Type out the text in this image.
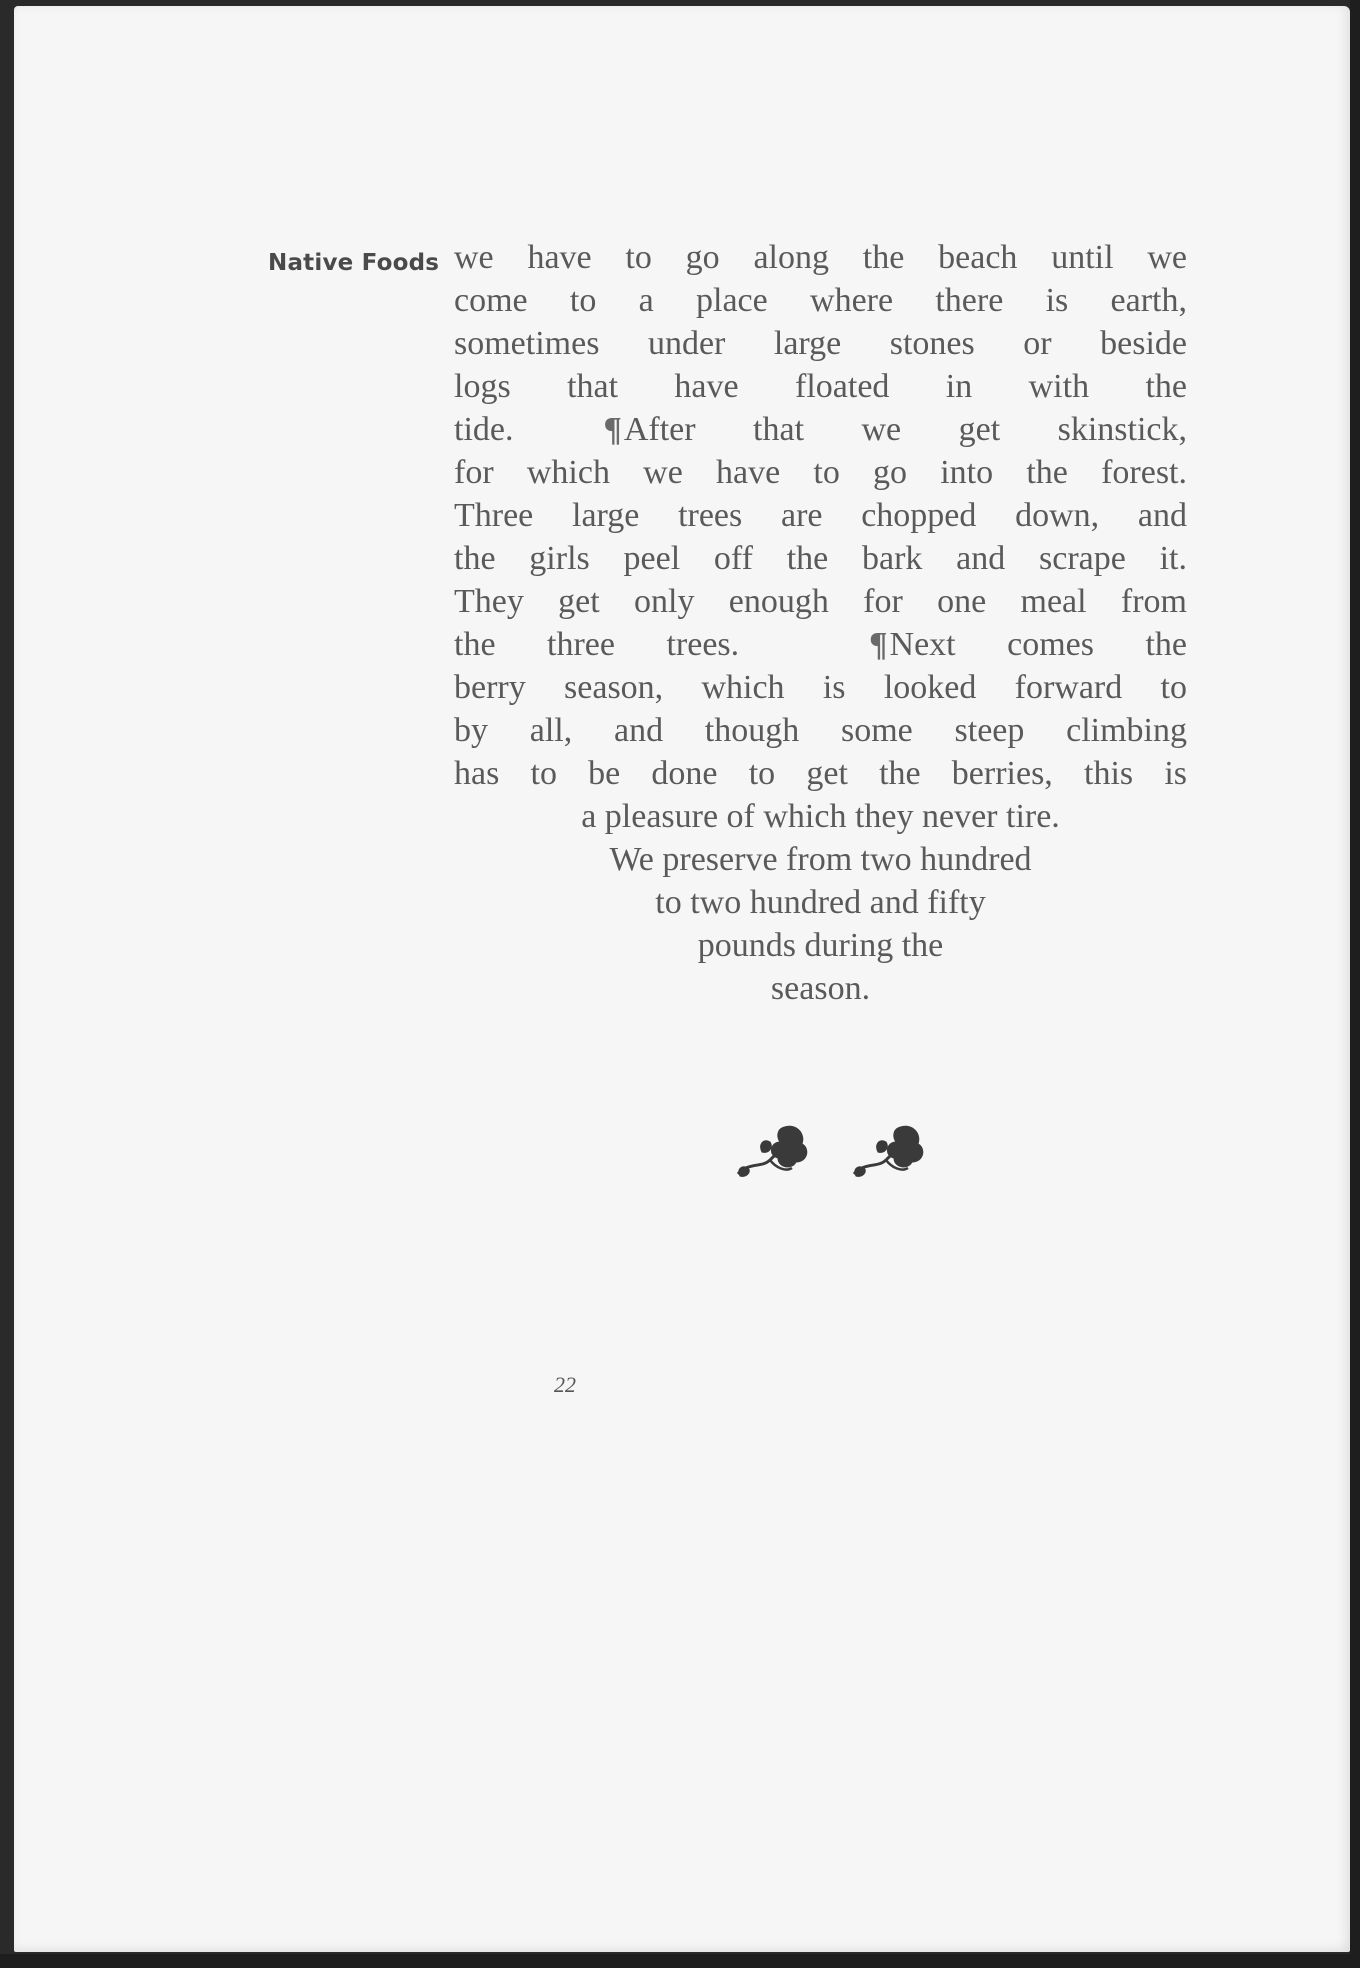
Native Foods we have to go along the beach until we
come to a place where there is earth,
sometimes under large stones or beside
logs that have floated in with the
tide.	¶After that we get skinstick,
for which we have to go into the forest.
Three large trees are chopped down, and
the girls peel off the bark and scrape it.
They get only enough for one meal from
the three trees.	¶Next comes the
berry season, which is looked forward to
by all, and though some steep climbing
has to be done to get the berries, this is
a pleasure of which they never tire.
We preserve from two hundred
to two hundred and fifty
pounds during the
season.
22
